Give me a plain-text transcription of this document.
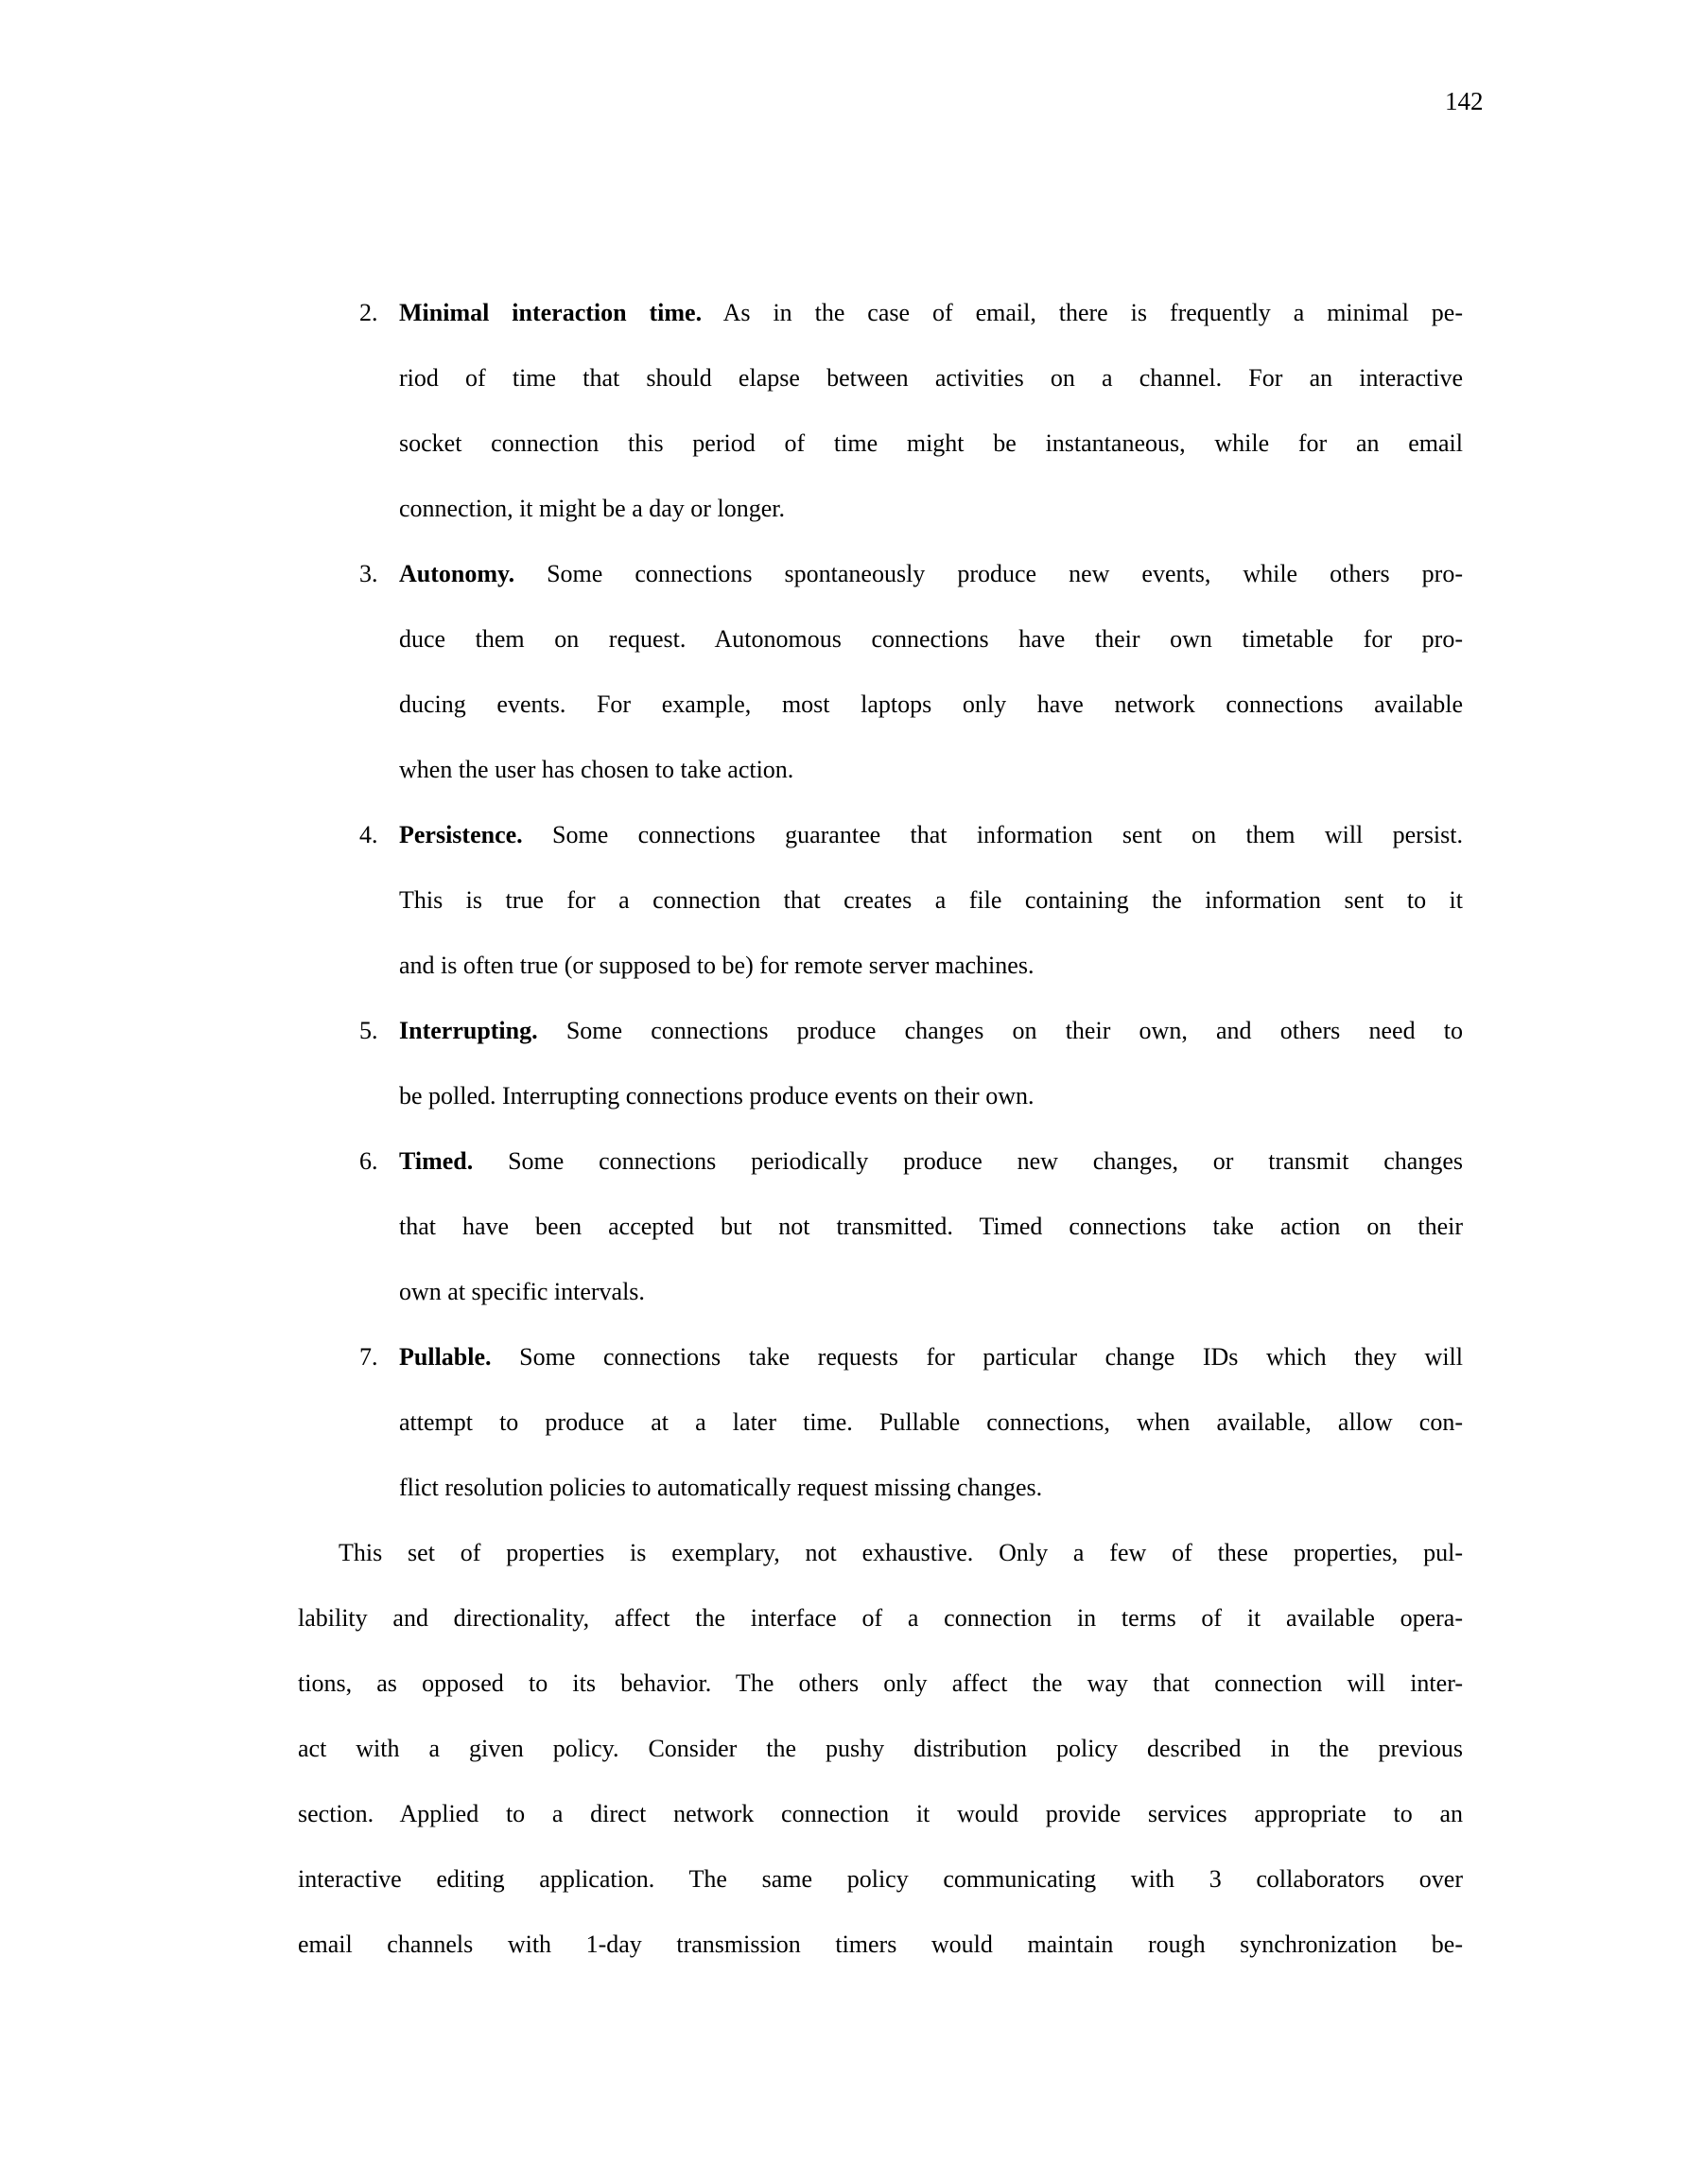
142
2. Minimal interaction time. As in the case of email, there is frequently a minimal pe-
riod of time that should elapse between activities on a channel. For an interactive
socket connection this period of time might be instantaneous, while for an email
connection, it might be a day or longer.
3. Autonomy. Some connections spontaneously produce new events, while others pro-
duce them on request. Autonomous connections have their own timetable for pro-
ducing events. For example, most laptops only have network connections available
when the user has chosen to take action.
4. Persistence. Some connections guarantee that information sent on them will persist.
This is true for a connection that creates a file containing the information sent to it
and is often true (or supposed to be) for remote server machines.
5. Interrupting. Some connections produce changes on their own, and others need to
be polled. Interrupting connections produce events on their own.
6. Timed. Some connections periodically produce new changes, or transmit changes
that have been accepted but not transmitted. Timed connections take action on their
own at specific intervals.
7. Pullable. Some connections take requests for particular change IDs which they will
attempt to produce at a later time. Pullable connections, when available, allow con-
flict resolution policies to automatically request missing changes.
This set of properties is exemplary, not exhaustive. Only a few of these properties, pul-
lability and directionality, affect the interface of a connection in terms of it available opera-
tions, as opposed to its behavior. The others only affect the way that connection will inter-
act with a given policy. Consider the pushy distribution policy described in the previous
section. Applied to a direct network connection it would provide services appropriate to an
interactive editing application. The same policy communicating with 3 collaborators over
email channels with 1-day transmission timers would maintain rough synchronization be-
